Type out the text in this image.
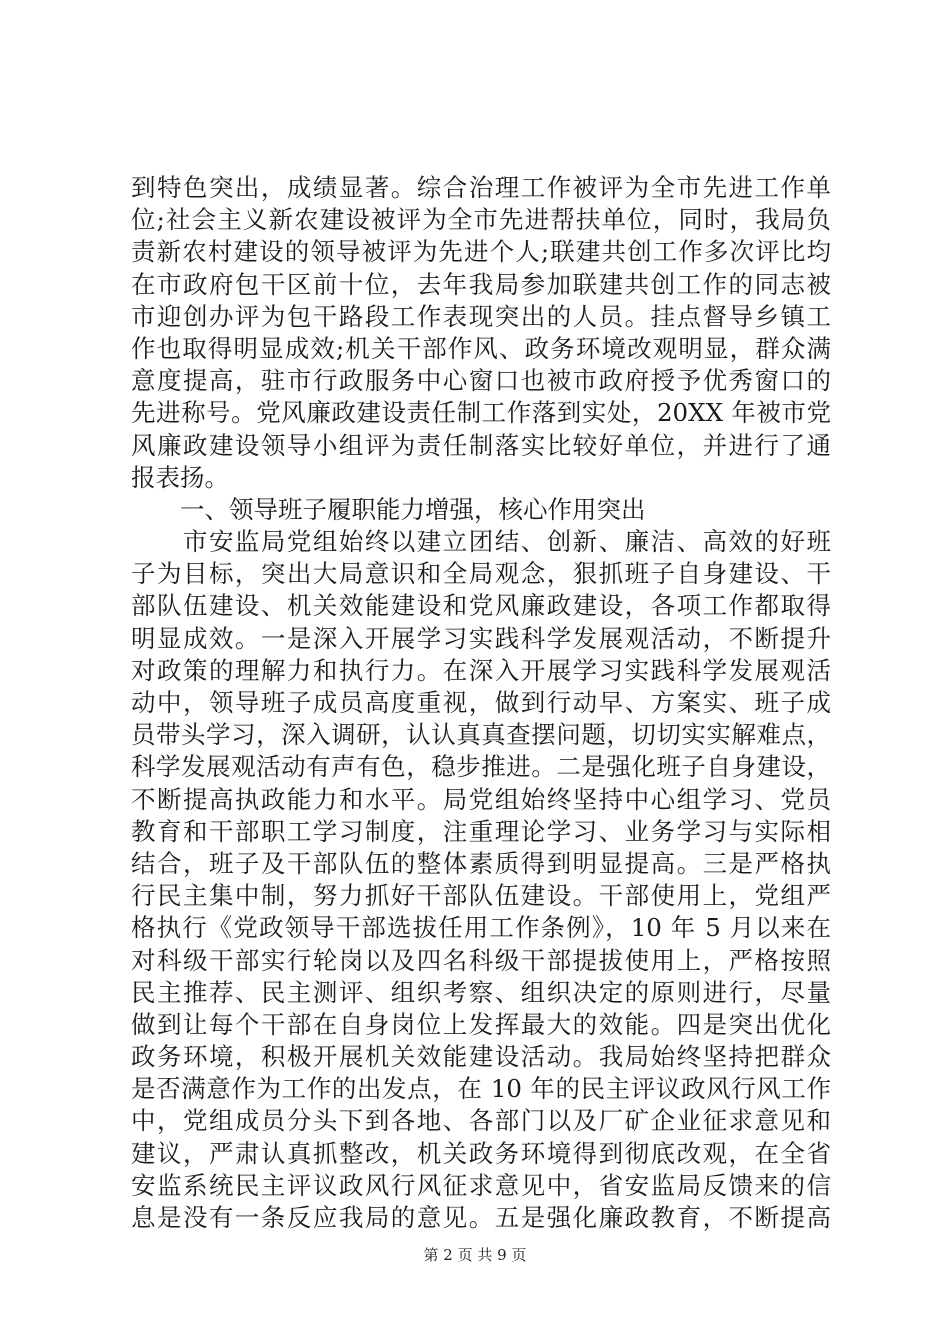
到特色突出，成绩显著。综合治理工作被评为全市先进工作单
位;社会主义新农建设被评为全市先进帮扶单位，同时，我局负
责新农村建设的领导被评为先进个人;联建共创工作多次评比均
在市政府包干区前十位，去年我局参加联建共创工作的同志被
市迎创办评为包干路段工作表现突出的人员。挂点督导乡镇工
作也取得明显成效;机关干部作风、政务环境改观明显，群众满
意度提高，驻市行政服务中心窗口也被市政府授予优秀窗口的
先进称号。党风廉政建设责任制工作落到实处，20XX 年被市党
风廉政建设领导小组评为责任制落实比较好单位，并进行了通
报表扬。
一、领导班子履职能力增强，核心作用突出
　　市安监局党组始终以建立团结、创新、廉洁、高效的好班
子为目标，突出大局意识和全局观念，狠抓班子自身建设、干
部队伍建设、机关效能建设和党风廉政建设，各项工作都取得
明显成效。一是深入开展学习实践科学发展观活动，不断提升
对政策的理解力和执行力。在深入开展学习实践科学发展观活
动中，领导班子成员高度重视，做到行动早、方案实、班子成
员带头学习，深入调研，认认真真查摆问题，切切实实解难点，
科学发展观活动有声有色，稳步推进。二是强化班子自身建设，
不断提高执政能力和水平。局党组始终坚持中心组学习、党员
教育和干部职工学习制度，注重理论学习、业务学习与实际相
结合，班子及干部队伍的整体素质得到明显提高。三是严格执
行民主集中制，努力抓好干部队伍建设。干部使用上，党组严
格执行《党政领导干部选拔任用工作条例》，10 年 5 月以来在
对科级干部实行轮岗以及四名科级干部提拔使用上，严格按照
民主推荐、民主测评、组织考察、组织决定的原则进行，尽量
做到让每个干部在自身岗位上发挥最大的效能。四是突出优化
政务环境，积极开展机关效能建设活动。我局始终坚持把群众
是否满意作为工作的出发点，在 10 年的民主评议政风行风工作
中，党组成员分头下到各地、各部门以及厂矿企业征求意见和
建议，严肃认真抓整改，机关政务环境得到彻底改观，在全省
安监系统民主评议政风行风征求意见中，省安监局反馈来的信
息是没有一条反应我局的意见。五是强化廉政教育，不断提高
第 2 页 共 9 页
